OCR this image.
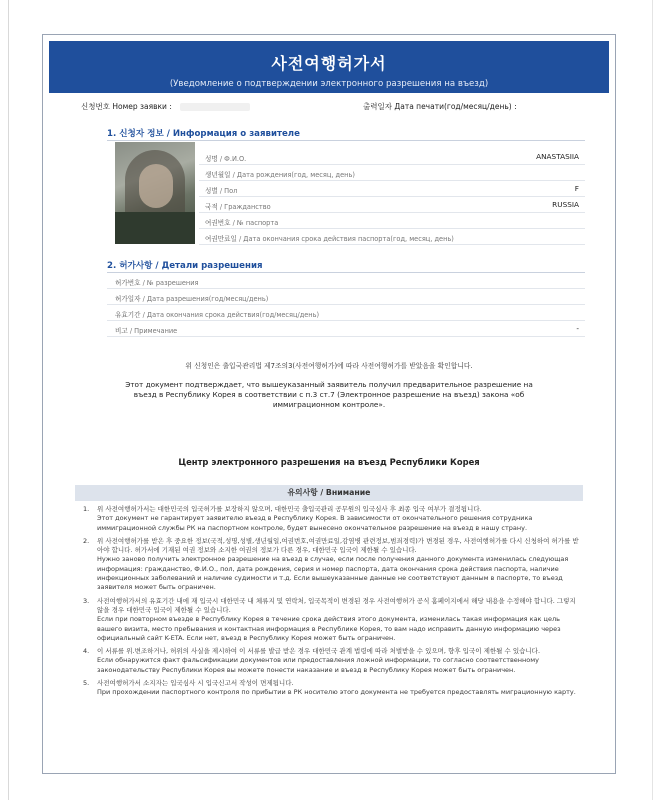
사전여행허가서
(Уведомление о подтверждении электронного разрешения на въезд)
신청번호 Номер заявки :	출력일자 Дата печати(год/месяц/день) :
1. 신청자 정보 / Информация о заявителе
성명 / Ф.И.О.	ANASTASIIA
생년월일 / Дата рождения(год, месяц, день)
성별 / Пол	F
국적 / Гражданство	RUSSIA
여권번호 / № паспорта
여권만료일 / Дата окончания срока действия паспорта(год, месяц, день)
2. 허가사항 / Детали разрешения
허가번호 / № разрешения
허가일자 / Дата разрешения(год/месяц/день)
유효기간 / Дата окончания срока действия(год/месяц/день)
비고 / Примечание	-
위 신청인은 출입국관리법 제7조의3(사전여행허가)에 따라 사전여행허가를 받았음을 확인합니다.
Этот документ подтверждает, что вышеуказанный заявитель получил предварительное разрешение на въезд в Республику Корея в соответствии с п.3 ст.7 (Электронное разрешение на въезд) закона «об иммиграционном контроле».
Центр электронного разрешения на въезд Республики Корея
유의사항 / Внимание
1. 위 사전여행허가서는 대한민국의 입국허가를 보장하지 않으며, 대한민국 출입국관리 공무원의 입국심사 후 최종 입국 여부가 결정됩니다.
Этот документ не гарантирует заявителю въезд в Республику Корея. В зависимости от окончательного решения сотрудника иммиграционной службы РК на паспортном контроле, будет вынесено окончательное разрешение на въезд в нашу страну.
2. 위 사전여행허가를 받은 후 중요한 정보(국적,성명,성별,생년월일,여권번호,여권만료일,감염병 관련정보,범죄경력)가 변경된 경우, 사전여행허가를 다시 신청하여 허가를 받아야 합니다. 허가서에 기재된 여권 정보와 소지한 여권의 정보가 다른 경우, 대한민국 입국이 제한될 수 있습니다.
Нужно заново получить электронное разрешение на въезд в случае, если после получения данного документа изменилась следующая информация: гражданство, Ф.И.О., пол, дата рождения, серия и номер паспорта, дата окончания срока действия паспорта, наличие инфекционных заболеваний и наличие судимости и т.д. Если вышеуказанные данные не соответствуют данным в паспорте, то въезд заявителя может быть ограничен.
3. 사전여행허가서의 유효기간 내에 재 입국시 대한민국 내 체류지 및 연락처, 입국목적이 변경된 경우 사전여행허가 공식 홈페이지에서 해당 내용을 수정해야 합니다. 그렇지 않을 경우 대한민국 입국이 제한될 수 있습니다.
Если при повторном въезде в Республику Корея в течение срока действия этого документа, изменилась такая информация как цель вашего визита, место пребывания и контактная информация в Республике Корея, то вам надо исправить данную информацию через официальный сайт K-ETA. Если нет, въезд в Республику Корея может быть ограничен.
4. 이 서류를 위.변조하거나, 허위의 사실을 제시하여 이 서류를 발급 받은 경우 대한민국 관계 법령에 따라 처벌받을 수 있으며, 향후 입국이 제한될 수 있습니다.
Если обнаружится факт фальсификации документов или предоставления ложной информации, то согласно соответственному законодательству Республики Корея вы можете понести наказание и въезд в Республику Корея может быть ограничен.
5. 사전여행허가서 소지자는 입국심사 시 입국신고서 작성이 면제됩니다.
При прохождении паспортного контроля по прибытии в РК носителю этого документа не требуется предоставлять миграционную карту.
